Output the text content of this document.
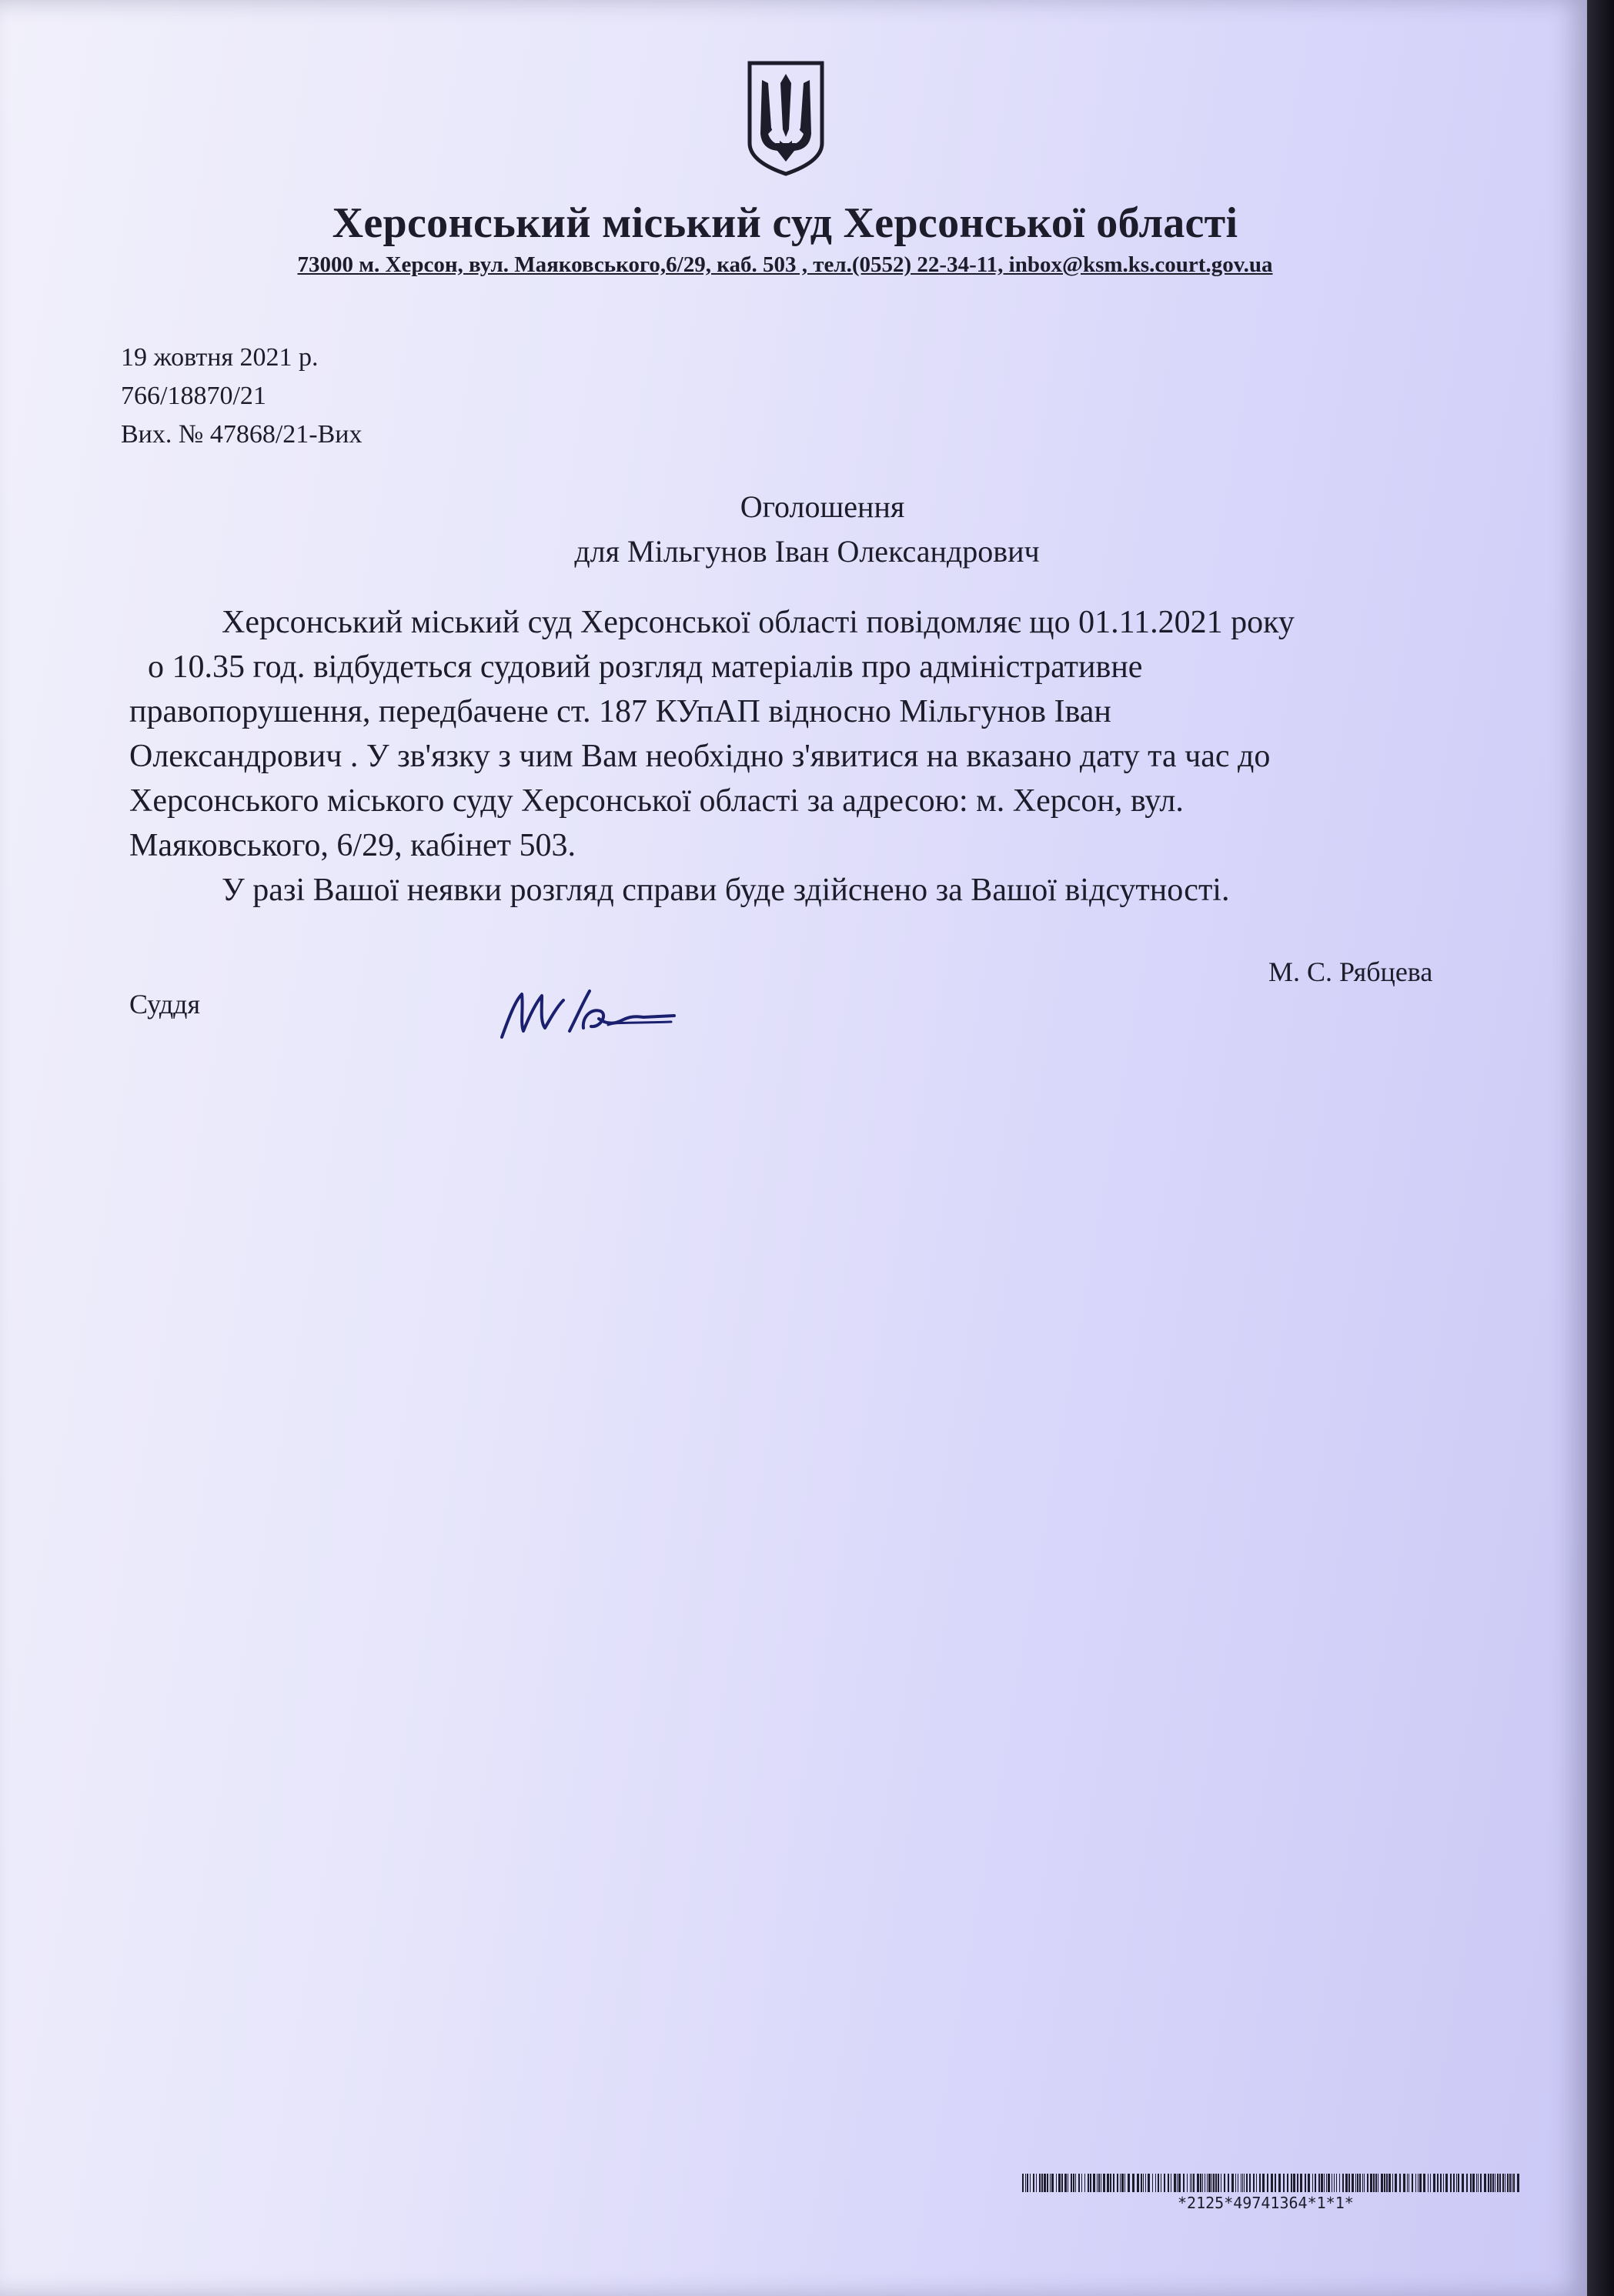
Херсонський міський суд Херсонської області
73000 м. Херсон, вул. Маяковського,6/29, каб. 503 , тел.(0552) 22-34-11, inbox@ksm.ks.court.gov.ua
19 жовтня 2021 р.
766/18870/21
Вих. № 47868/21-Вих
Оголошення
для Мільгунов Іван Олександрович
Херсонський міський суд Херсонської області повідомляє що 01.11.2021 року
о 10.35 год. відбудеться судовий розгляд матеріалів про адміністративне
правопорушення, передбачене ст. 187 КУпАП відносно Мільгунов Іван
Олександрович . У зв'язку з чим Вам необхідно з'явитися на вказано дату та час до
Херсонського міського суду Херсонської області за адресою: м. Херсон, вул.
Маяковського, 6/29, кабінет 503.
У разі Вашої неявки розгляд справи буде здійснено за Вашої відсутності.
М. С. Рябцева
Суддя
*2125*49741364*1*1*
